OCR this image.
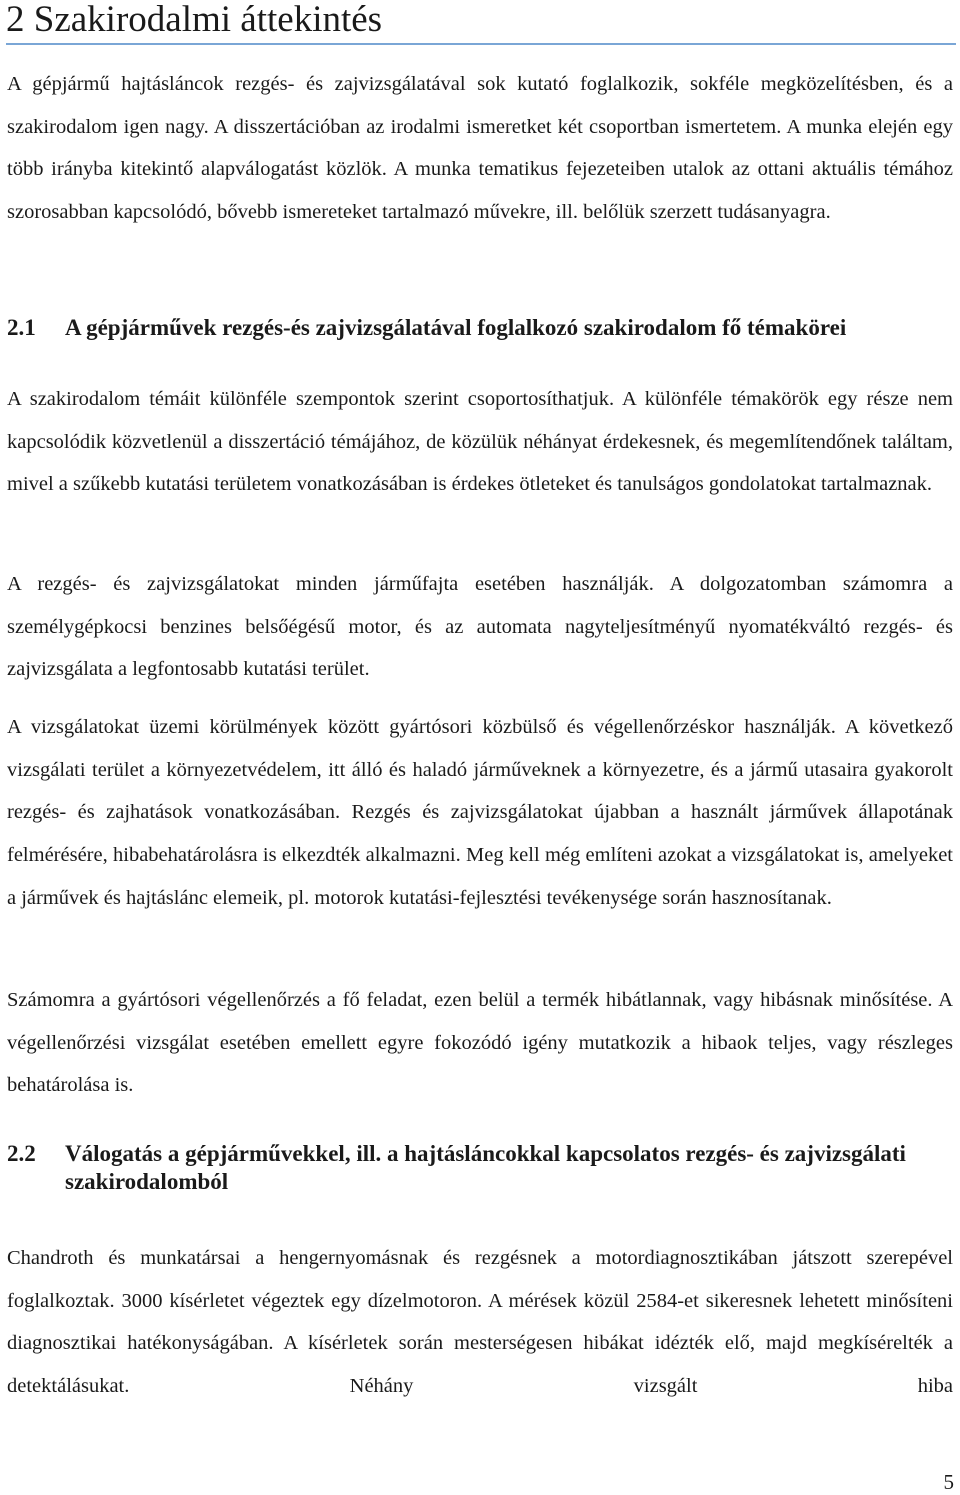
2 Szakirodalmi áttekintés
A gépjármű hajtásláncok rezgés- és zajvizsgálatával sok kutató foglalkozik, sokféle megközelítésben, és a szakirodalom igen nagy. A disszertációban az irodalmi ismeretket két csoportban ismertetem. A munka elején egy több irányba kitekintő alapválogatást közlök. A munka tematikus fejezeteiben utalok az ottani aktuális témához szorosabban kapcsolódó, bővebb ismereteket tartalmazó művekre, ill. belőlük szerzett tudásanyagra.
2.1 A gépjárművek rezgés-és zajvizsgálatával foglalkozó szakirodalom fő témakörei
A szakirodalom témáit különféle szempontok szerint csoportosíthatjuk. A különféle témakörök egy része nem kapcsolódik közvetlenül a disszertáció témájához, de közülük néhányat érdekesnek, és megemlítendőnek találtam, mivel a szűkebb kutatási területem vonatkozásában is érdekes ötleteket és tanulságos gondolatokat tartalmaznak.
A rezgés- és zajvizsgálatokat minden járműfajta esetében használják. A dolgozatomban számomra a személygépkocsi benzines belsőégésű motor, és az automata nagyteljesítményű nyomatékváltó rezgés- és zajvizsgálata a legfontosabb kutatási terület.
A vizsgálatokat üzemi körülmények között gyártósori közbülső és végellenőrzéskor használják. A következő vizsgálati terület a környezetvédelem, itt álló és haladó járműveknek a környezetre, és a jármű utasaira gyakorolt rezgés- és zajhatások vonatkozásában. Rezgés és zajvizsgálatokat újabban a használt járművek állapotának felmérésére, hibabehatárolásra is elkezdték alkalmazni. Meg kell még említeni azokat a vizsgálatokat is, amelyeket a járművek és hajtáslánc elemeik, pl. motorok kutatási-fejlesztési tevékenysége során hasznosítanak.
Számomra a gyártósori végellenőrzés a fő feladat, ezen belül a termék hibátlannak, vagy hibásnak minősítése. A végellenőrzési vizsgálat esetében emellett egyre fokozódó igény mutatkozik a hibaok teljes, vagy részleges behatárolása is.
2.2 Válogatás a gépjárművekkel, ill. a hajtásláncokkal kapcsolatos rezgés- és zajvizsgálati szakirodalomból
Chandroth és munkatársai a hengernyomásnak és rezgésnek a motordiagnosztikában játszott szerepével foglalkoztak. 3000 kísérletet végeztek egy dízelmotoron. A mérések közül 2584-et sikeresnek lehetett minősíteni diagnosztikai hatékonyságában. A kísérletek során mesterségesen hibákat idézték elő, majd megkísérelték a detektálásukat. Néhány vizsgált hiba
5
